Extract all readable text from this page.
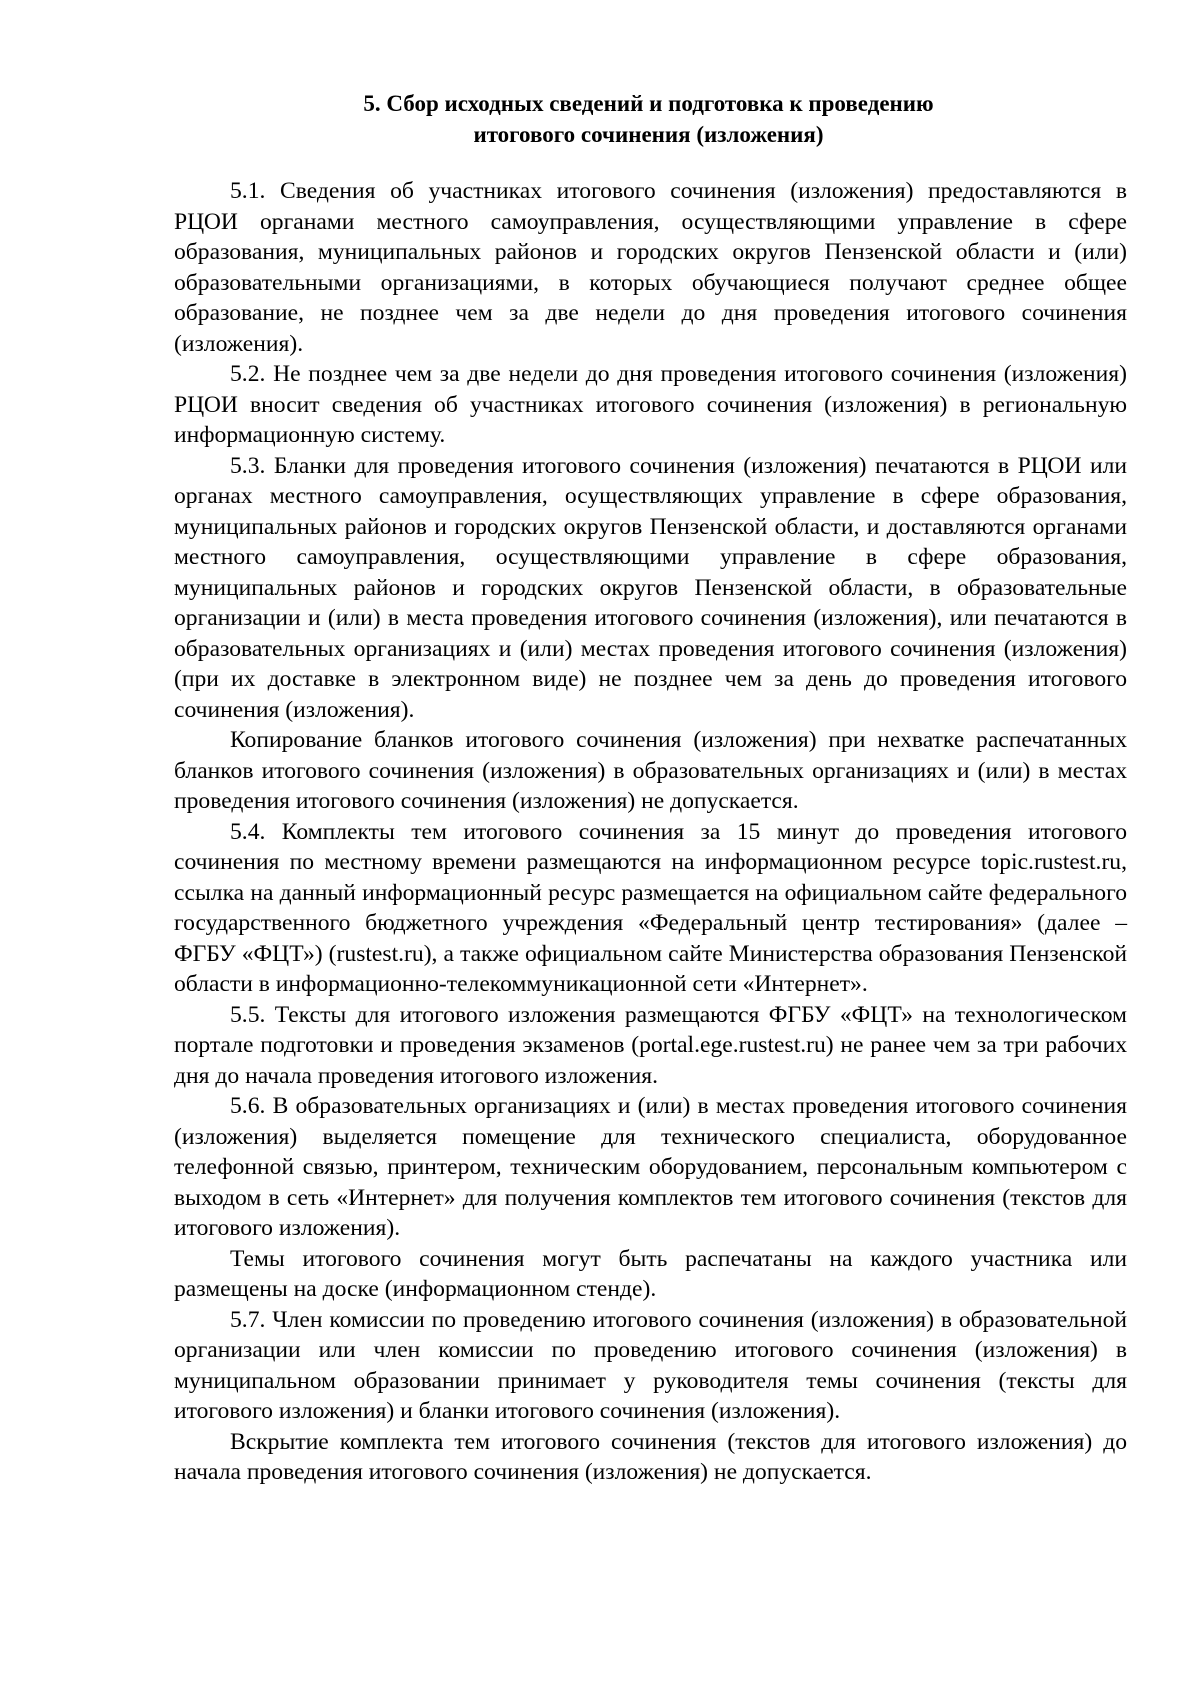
5. Сбор исходных сведений и подготовка к проведению
итогового сочинения (изложения)

5.1. Сведения об участниках итогового сочинения (изложения) предоставляются в РЦОИ органами местного самоуправления, осуществляющими управление в сфере образования, муниципальных районов и городских округов Пензенской области и (или) образовательными организациями, в которых обучающиеся получают среднее общее образование, не позднее чем за две недели до дня проведения итогового сочинения (изложения).

5.2. Не позднее чем за две недели до дня проведения итогового сочинения (изложения) РЦОИ вносит сведения об участниках итогового сочинения (изложения) в региональную информационную систему.

5.3. Бланки для проведения итогового сочинения (изложения) печатаются в РЦОИ или органах местного самоуправления, осуществляющих управление в сфере образования, муниципальных районов и городских округов Пензенской области, и доставляются органами местного самоуправления, осуществляющими управление в сфере образования, муниципальных районов и городских округов Пензенской области, в образовательные организации и (или) в места проведения итогового сочинения (изложения), или печатаются в образовательных организациях и (или) местах проведения итогового сочинения (изложения) (при их доставке в электронном виде) не позднее чем за день до проведения итогового сочинения (изложения).

Копирование бланков итогового сочинения (изложения) при нехватке распечатанных бланков итогового сочинения (изложения) в образовательных организациях и (или) в местах проведения итогового сочинения (изложения) не допускается.

5.4. Комплекты тем итогового сочинения за 15 минут до проведения итогового сочинения по местному времени размещаются на информационном ресурсе topic.rustest.ru, ссылка на данный информационный ресурс размещается на официальном сайте федерального государственного бюджетного учреждения «Федеральный центр тестирования» (далее – ФГБУ «ФЦТ») (rustest.ru), а также официальном сайте Министерства образования Пензенской области в информационно-телекоммуникационной сети «Интернет».

5.5. Тексты для итогового изложения размещаются ФГБУ «ФЦТ» на технологическом портале подготовки и проведения экзаменов (portal.ege.rustest.ru) не ранее чем за три рабочих дня до начала проведения итогового изложения.

5.6. В образовательных организациях и (или) в местах проведения итогового сочинения (изложения) выделяется помещение для технического специалиста, оборудованное телефонной связью, принтером, техническим оборудованием, персональным компьютером с выходом в сеть «Интернет» для получения комплектов тем итогового сочинения (текстов для итогового изложения).

Темы итогового сочинения могут быть распечатаны на каждого участника или размещены на доске (информационном стенде).

5.7. Член комиссии по проведению итогового сочинения (изложения) в образовательной организации или член комиссии по проведению итогового сочинения (изложения) в муниципальном образовании принимает у руководителя темы сочинения (тексты для итогового изложения) и бланки итогового сочинения (изложения).

Вскрытие комплекта тем итогового сочинения (текстов для итогового изложения) до начала проведения итогового сочинения (изложения) не допускается.
